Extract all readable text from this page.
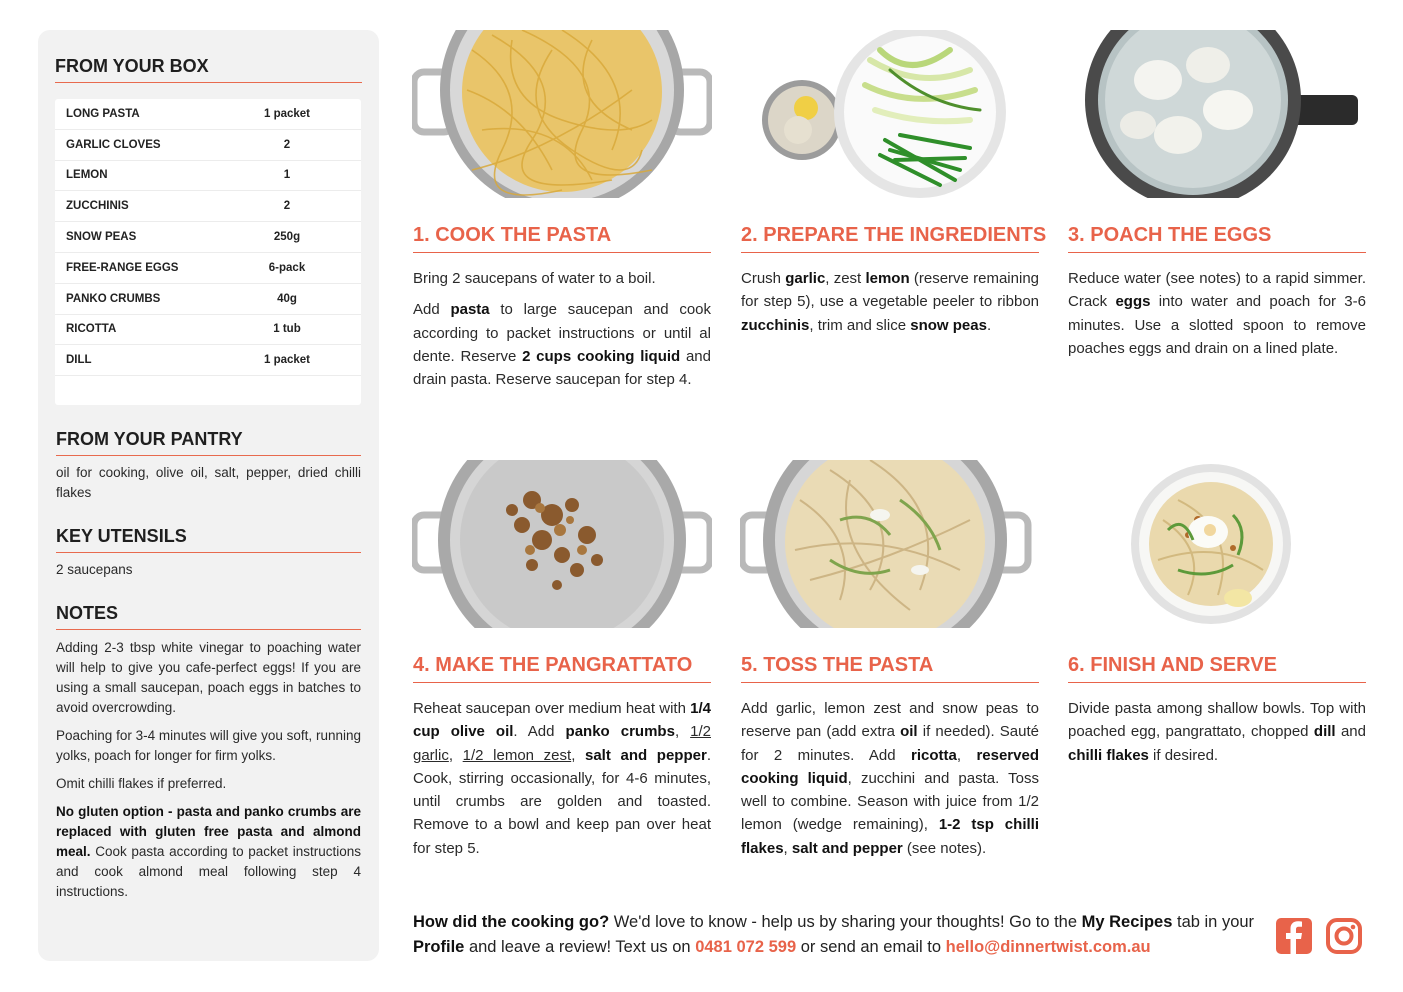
FROM YOUR BOX
LONG PASTA	1 packet
GARLIC CLOVES	2
LEMON	1
ZUCCHINIS	2
SNOW PEAS	250g
FREE-RANGE EGGS	6-pack
PANKO CRUMBS	40g
RICOTTA	1 tub
DILL	1 packet
FROM YOUR PANTRY
oil for cooking, olive oil, salt, pepper, dried chilli flakes
KEY UTENSILS
2 saucepans
NOTES
Adding 2-3 tbsp white vinegar to poaching water will help to give you cafe-perfect eggs! If you are using a small saucepan, poach eggs in batches to avoid overcrowding.
Poaching for 3-4 minutes will give you soft, running yolks, poach for longer for firm yolks.
Omit chilli flakes if preferred.
No gluten option - pasta and panko crumbs are replaced with gluten free pasta and almond meal. Cook pasta according to packet instructions and cook almond meal following step 4 instructions.
1. COOK THE PASTA

Bring 2 saucepans of water to a boil.

Add pasta to large saucepan and cook according to packet instructions or until al dente. Reserve 2 cups cooking liquid and drain pasta. Reserve saucepan for step 4.

2. PREPARE THE INGREDIENTS

Crush garlic, zest lemon (reserve remaining for step 5), use a vegetable peeler to ribbon zucchinis, trim and slice snow peas.

3. POACH THE EGGS

Reduce water (see notes) to a rapid simmer. Crack eggs into water and poach for 3-6 minutes. Use a slotted spoon to remove poaches eggs and drain on a lined plate.

4. MAKE THE PANGRATTATO

Reheat saucepan over medium heat with 1/4 cup olive oil. Add panko crumbs, 1/2 garlic, 1/2 lemon zest, salt and pepper. Cook, stirring occasionally, for 4-6 minutes, until crumbs are golden and toasted. Remove to a bowl and keep pan over heat for step 5.

5. TOSS THE PASTA

Add garlic, lemon zest and snow peas to reserve pan (add extra oil if needed). Sauté for 2 minutes. Add ricotta, reserved cooking liquid, zucchini and pasta. Toss well to combine. Season with juice from 1/2 lemon (wedge remaining), 1-2 tsp chilli flakes, salt and pepper (see notes).

6. FINISH AND SERVE

Divide pasta among shallow bowls. Top with poached egg, pangrattato, chopped dill and chilli flakes if desired.

How did the cooking go? We'd love to know - help us by sharing your thoughts! Go to the My Recipes tab in your Profile and leave a review! Text us on 0481 072 599 or send an email to hello@dinnertwist.com.au
